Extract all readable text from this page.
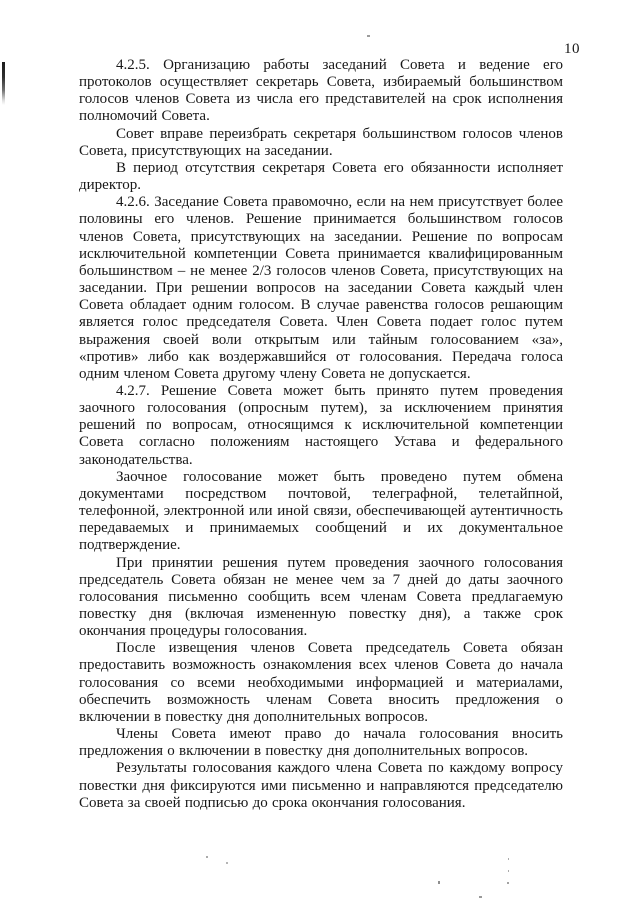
10

4.2.5. Организацию работы заседаний Совета и ведение его протоколов осуществляет секретарь Совета, избираемый большинством голосов членов Совета из числа его представителей на срок исполнения полномочий Совета.

Совет вправе переизбрать секретаря большинством голосов членов Совета, присутствующих на заседании.

В период отсутствия секретаря Совета его обязанности исполняет директор.

4.2.6. Заседание Совета правомочно, если на нем присутствует более половины его членов. Решение принимается большинством голосов членов Совета, присутствующих на заседании. Решение по вопросам исключительной компетенции Совета принимается квалифицированным большинством – не менее 2/3 голосов членов Совета, присутствующих на заседании. При решении вопросов на заседании Совета каждый член Совета обладает одним голосом. В случае равенства голосов решающим является голос председателя Совета. Член Совета подает голос путем выражения своей воли открытым или тайным голосованием «за», «против» либо как воздержавшийся от голосования. Передача голоса одним членом Совета другому члену Совета не допускается.

4.2.7. Решение Совета может быть принято путем проведения заочного голосования (опросным путем), за исключением принятия решений по вопросам, относящимся к исключительной компетенции Совета согласно положениям настоящего Устава и федерального законодательства.

Заочное голосование может быть проведено путем обмена документами посредством почтовой, телеграфной, телетайпной, телефонной, электронной или иной связи, обеспечивающей аутентичность передаваемых и принимаемых сообщений и их документальное подтверждение.

При принятии решения путем проведения заочного голосования председатель Совета обязан не менее чем за 7 дней до даты заочного голосования письменно сообщить всем членам Совета предлагаемую повестку дня (включая измененную повестку дня), а также срок окончания процедуры голосования.

После извещения членов Совета председатель Совета обязан предоставить возможность ознакомления всех членов Совета до начала голосования со всеми необходимыми информацией и материалами, обеспечить возможность членам Совета вносить предложения о включении в повестку дня дополнительных вопросов.

Члены Совета имеют право до начала голосования вносить предложения о включении в повестку дня дополнительных вопросов.

Результаты голосования каждого члена Совета по каждому вопросу повестки дня фиксируются ими письменно и направляются председателю Совета за своей подписью до срока окончания голосования.
